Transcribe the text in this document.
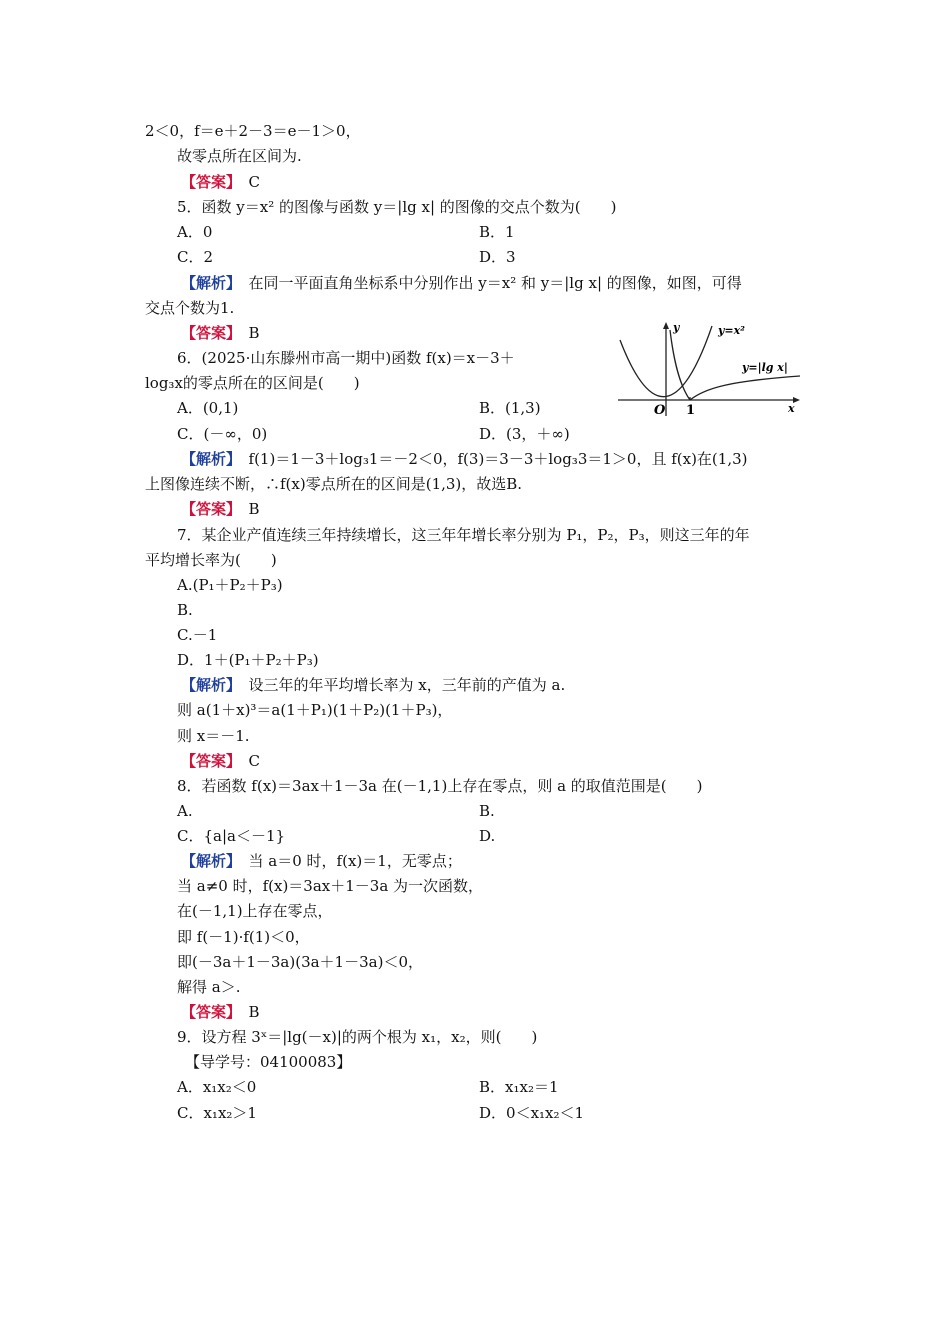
2＜0，f＝e＋2－3＝e－1＞0，
故零点所在区间为.
【答案】　 C
5．函数 y＝x² 的图像与函数 y＝|lg x| 的图像的交点个数为(　　)
A．0	B．1
C．2	D．3
【解析】　 在同一平面直角坐标系中分别作出 y＝x² 和 y＝|lg x| 的图像，如图，可得
交点个数为1.
【答案】　 B	y
x
O 1
y=x²
y=|lg x|
6．(2025·山东滕州市高一期中)函数 f(x)＝x－3＋
log₃x的零点所在的区间是(　　)
A．(0,1)	B．(1,3)
C．(－∞，0)	D．(3，＋∞)
【解析】　 f(1)＝1－3＋log₃1＝－2＜0，f(3)＝3－3＋log₃3＝1＞0，且 f(x)在(1,3)
上图像连续不断，∴f(x)零点所在的区间是(1,3)，故选B.
【答案】　 B
7．某企业产值连续三年持续增长，这三年年增长率分别为 P₁，P₂，P₃，则这三年的年
平均增长率为(　　)
A.(P₁＋P₂＋P₃)
B.
C.－1
D．1＋(P₁＋P₂＋P₃)
【解析】　 设三年的年平均增长率为 x，三年前的产值为 a.
则 a(1＋x)³＝a(1＋P₁)(1＋P₂)(1＋P₃)，
则 x＝－1.
【答案】　 C
8．若函数 f(x)＝3ax＋1－3a 在(－1,1)上存在零点，则 a 的取值范围是(　　)
A.	B.
C．{a|a＜－1}	D.
【解析】　 当 a＝0 时，f(x)＝1，无零点；
当 a≠0 时，f(x)＝3ax＋1－3a 为一次函数，
在(－1,1)上存在零点，
即 f(－1)·f(1)＜0，
即(－3a＋1－3a)(3a＋1－3a)＜0，
解得 a＞.
【答案】　 B
9．设方程 3ˣ＝|lg(－x)|的两个根为 x₁，x₂，则(　　)
【导学号：04100083】
A．x₁x₂＜0	B．x₁x₂＝1
C．x₁x₂＞1	D．0＜x₁x₂＜1
